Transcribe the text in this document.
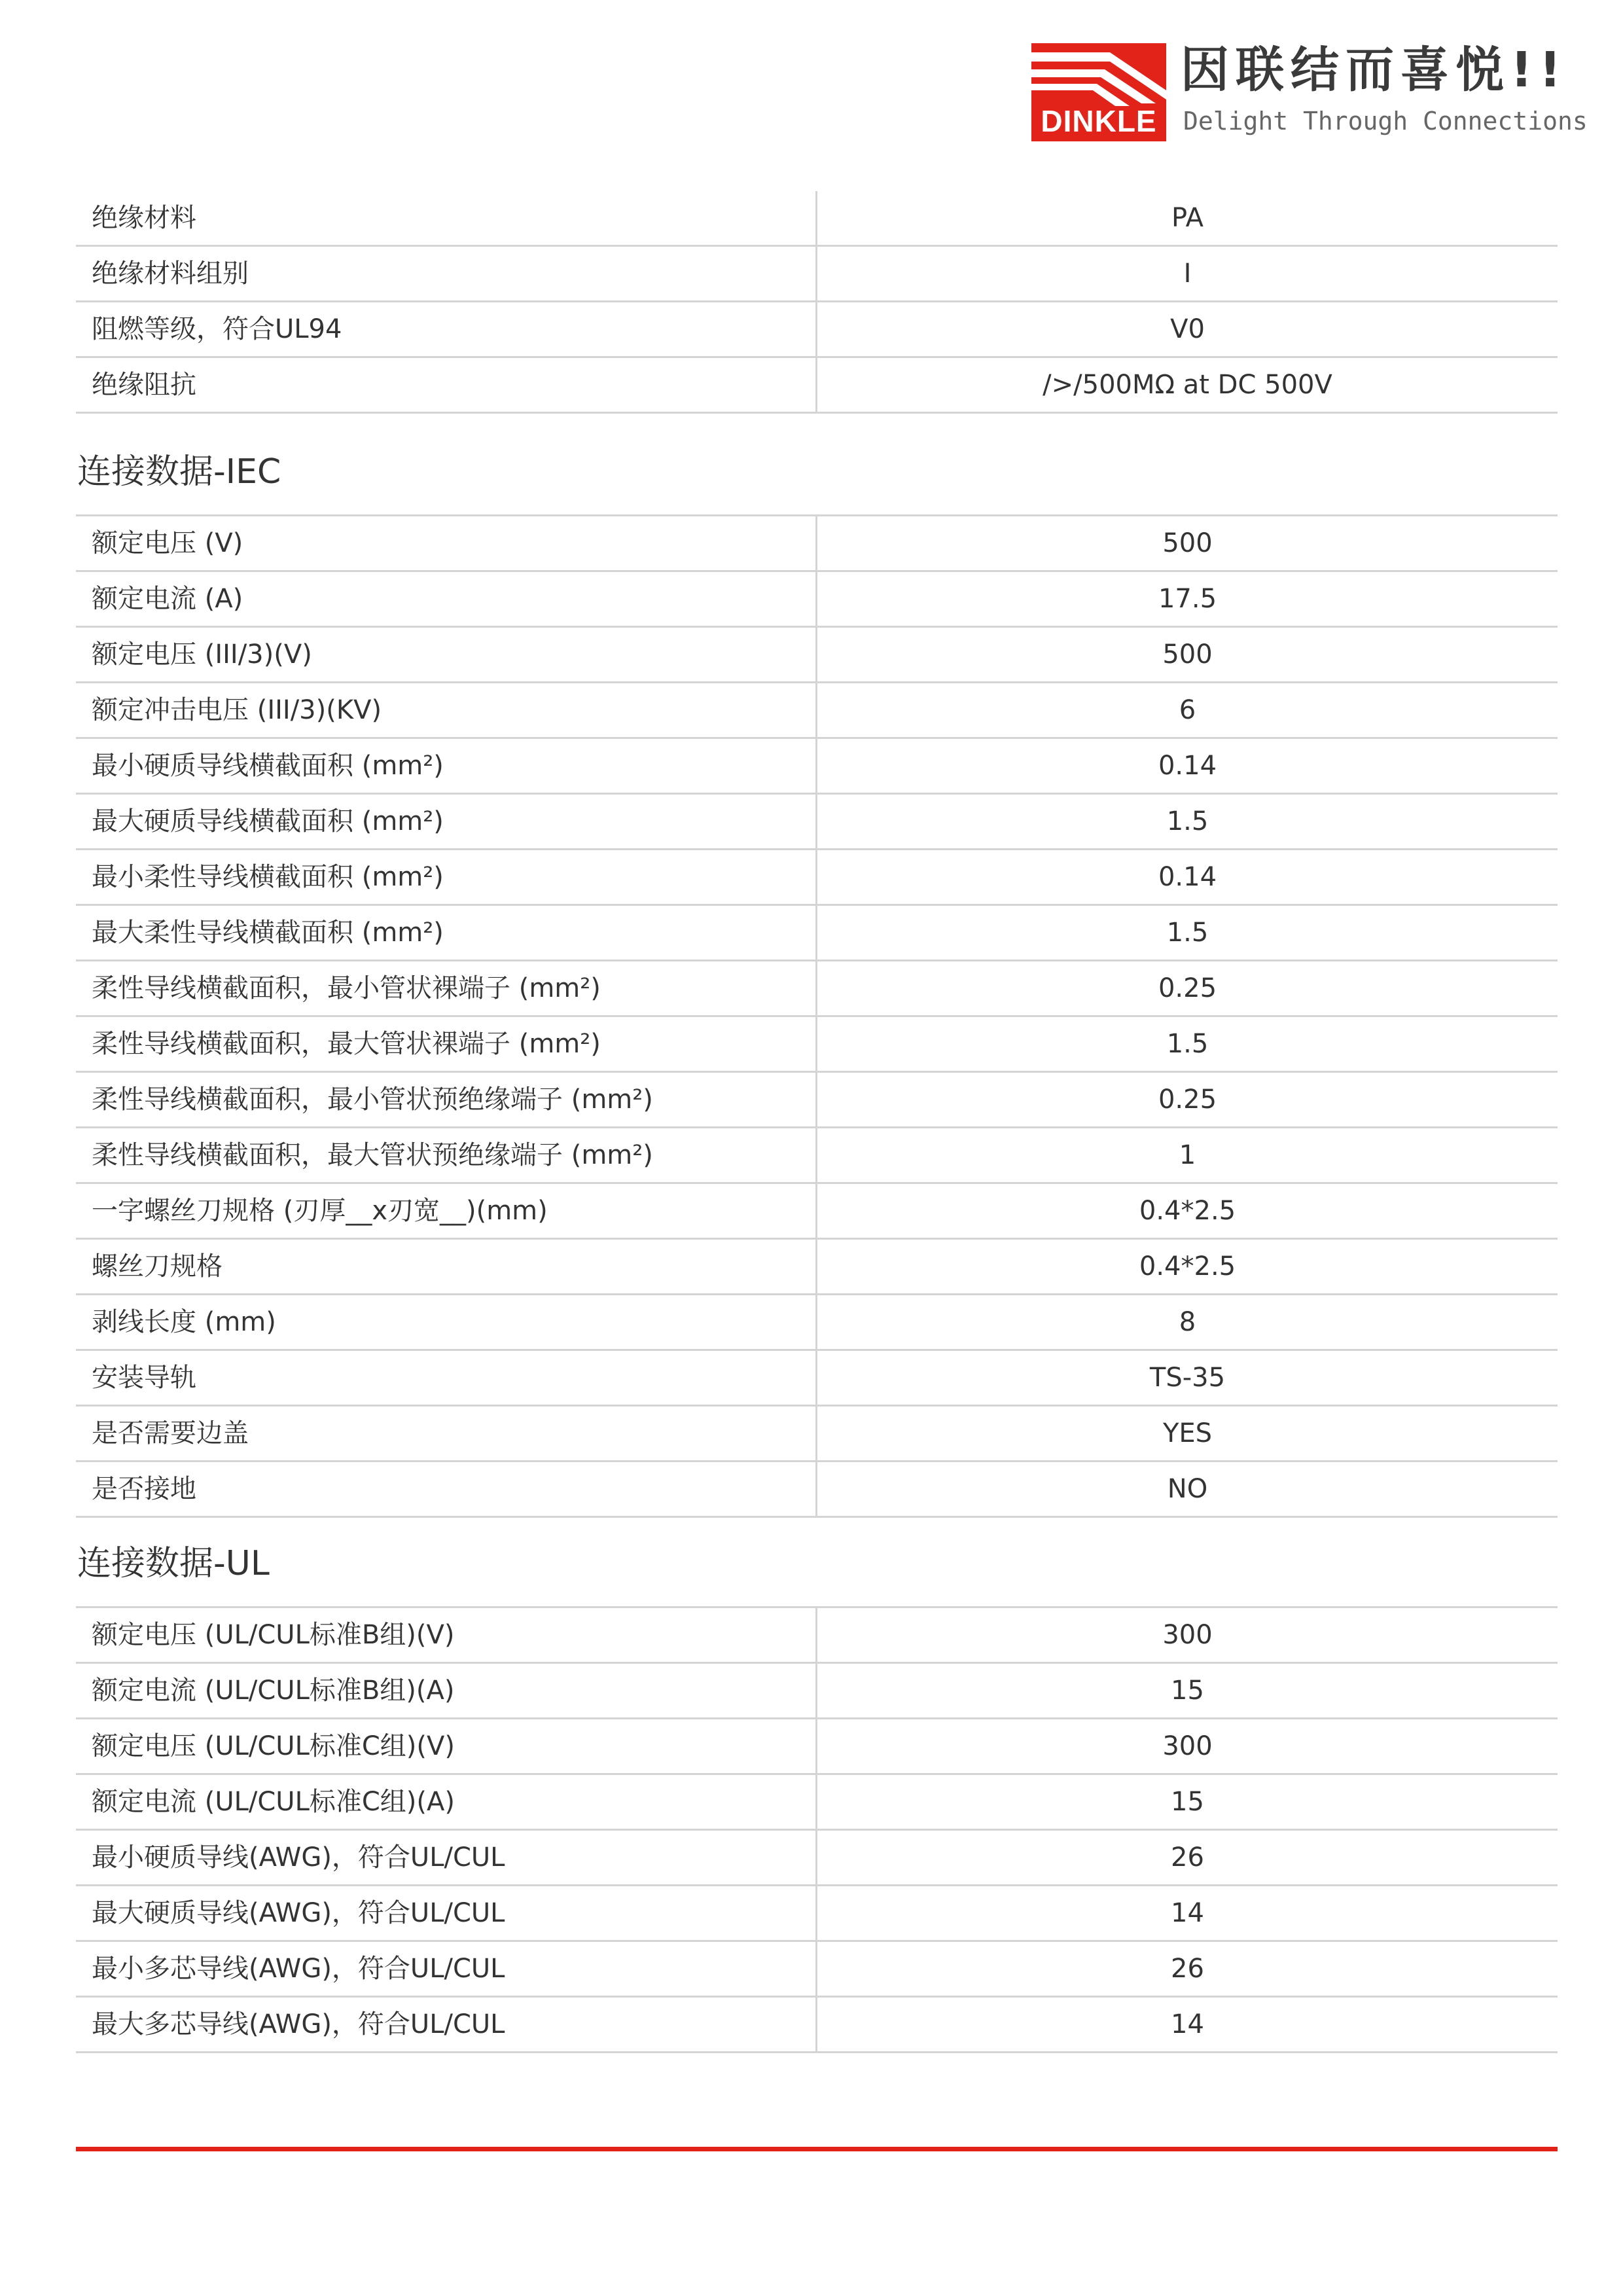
DINKLE
因联结而喜悦!!
Delight Through Connections
绝缘材料	PA
绝缘材料组别	I
阻燃等级，符合UL94	V0
绝缘阻抗	/>/500MΩ at DC 500V
连接数据-IEC
额定电压 (V)	500
额定电流 (A)	17.5
额定电压 (III/3)(V)	500
额定冲击电压 (III/3)(KV)	6
最小硬质导线横截面积 (mm²)	0.14
最大硬质导线横截面积 (mm²)	1.5
最小柔性导线横截面积 (mm²)	0.14
最大柔性导线横截面积 (mm²)	1.5
柔性导线横截面积，最小管状裸端子 (mm²)	0.25
柔性导线横截面积，最大管状裸端子 (mm²)	1.5
柔性导线横截面积，最小管状预绝缘端子 (mm²)	0.25
柔性导线横截面积，最大管状预绝缘端子 (mm²)	1
一字螺丝刀规格 (刃厚__x刃宽__)(mm)	0.4*2.5
螺丝刀规格	0.4*2.5
剥线长度 (mm)	8
安装导轨	TS-35
是否需要边盖	YES
是否接地	NO
连接数据-UL
额定电压 (UL/CUL标准B组)(V)	300
额定电流 (UL/CUL标准B组)(A)	15
额定电压 (UL/CUL标准C组)(V)	300
额定电流 (UL/CUL标准C组)(A)	15
最小硬质导线(AWG)，符合UL/CUL	26
最大硬质导线(AWG)，符合UL/CUL	14
最小多芯导线(AWG)，符合UL/CUL	26
最大多芯导线(AWG)，符合UL/CUL	14
